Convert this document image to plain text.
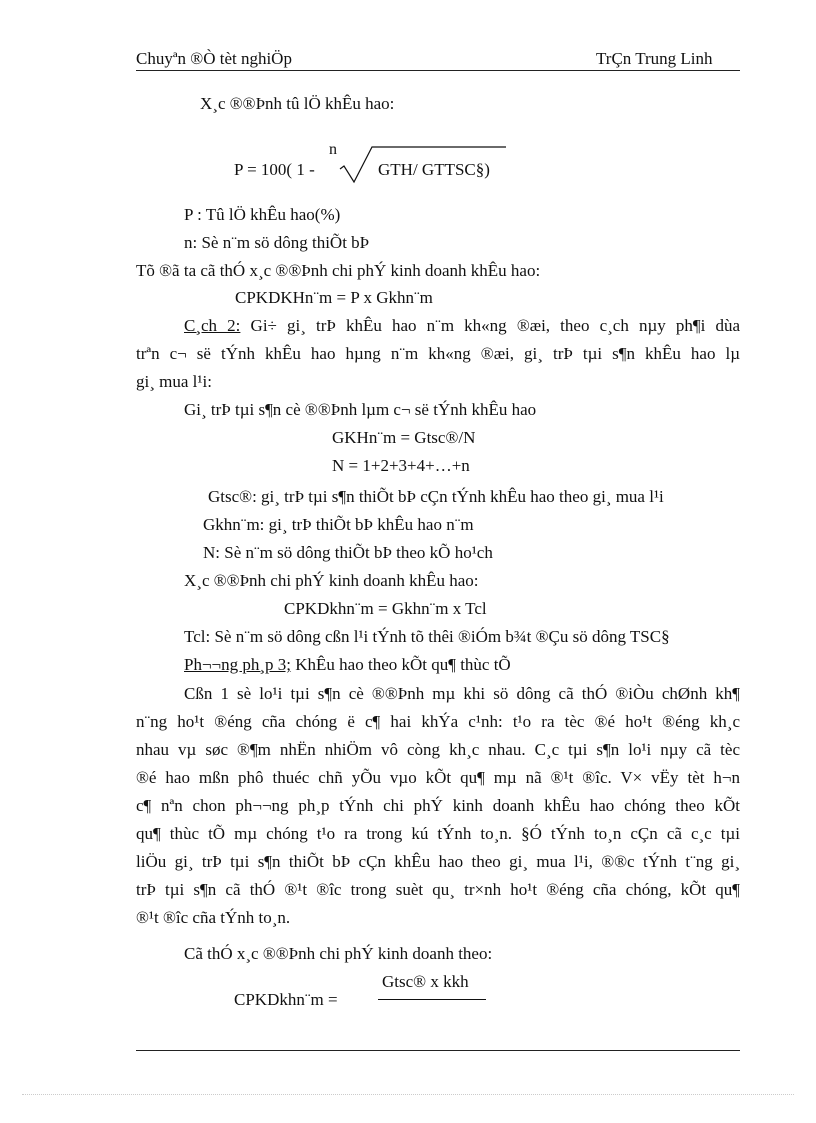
Chuyªn ®Ò tèt nghiÖp	TrÇn Trung Linh
X¸c ®®Þnh tû lÖ khÊu hao:
n
P = 100( 1 -	GTH/ GTTSC§)
P : Tû lÖ khÊu hao(%)
n: Sè n¨m sö dông thiÕt bÞ
Tõ ®ã ta cã thÓ x¸c ®®Þnh chi phÝ kinh doanh khÊu hao:
CPKDKHn¨m = P x Gkhn¨m
C¸ch 2: Gi÷ gi¸ trÞ khÊu hao n¨m kh«ng ®æi, theo c¸ch nµy ph¶i dùa
trªn c¬ së tÝnh khÊu hao hµng n¨m kh«ng ®æi, gi¸ trÞ tµi s¶n khÊu hao lµ
gi¸ mua l¹i:
Gi¸ trÞ tµi s¶n cè ®®Þnh lµm c¬ së tÝnh khÊu hao
GKHn¨m = Gtsc®/N
N = 1+2+3+4+…+n
Gtsc®: gi¸ trÞ tµi s¶n thiÕt bÞ cÇn tÝnh khÊu hao theo gi¸ mua l¹i
Gkhn¨m: gi¸ trÞ thiÕt bÞ khÊu hao n¨m
N: Sè n¨m sö dông thiÕt bÞ theo kÕ ho¹ch
X¸c ®®Þnh chi phÝ kinh doanh khÊu hao:
CPKDkhn¨m = Gkhn¨m x Tcl
Tcl: Sè n¨m sö dông cßn l¹i tÝnh tõ thêi ®iÓm b¾t ®Çu sö dông TSC§
Ph¬¬ng ph¸p 3; KhÊu hao theo kÕt qu¶ thùc tÕ
Cßn 1 sè lo¹i tµi s¶n cè ®®Þnh mµ khi sö dông cã thÓ ®iÒu chØnh kh¶
n¨ng ho¹t ®éng cña chóng ë c¶ hai khÝa c¹nh: t¹o ra tèc ®é ho¹t ®éng kh¸c
nhau vµ søc ®¶m nhËn nhiÖm vô còng kh¸c nhau. C¸c tµi s¶n lo¹i nµy cã tèc
®é hao mßn phô thuéc chñ yÕu vµo kÕt qu¶ mµ nã ®¹t ®îc. V× vËy tèt h¬n
c¶ nªn chon ph¬¬ng ph¸p tÝnh chi phÝ kinh doanh khÊu hao chóng theo kÕt
qu¶ thùc tÕ mµ chóng t¹o ra trong kú tÝnh to¸n. §Ó tÝnh to¸n cÇn cã c¸c tµi
liÖu gi¸ trÞ tµi s¶n thiÕt bÞ cÇn khÊu hao theo gi¸ mua l¹i, ®®c tÝnh t¨ng gi¸
trÞ tµi s¶n cã thÓ ®¹t ®îc trong suèt qu¸ tr×nh ho¹t ®éng cña chóng, kÕt qu¶
®¹t ®îc cña tÝnh to¸n.
Cã thÓ x¸c ®®Þnh chi phÝ kinh doanh theo:
Gtsc® x kkh
CPKDkhn¨m =
